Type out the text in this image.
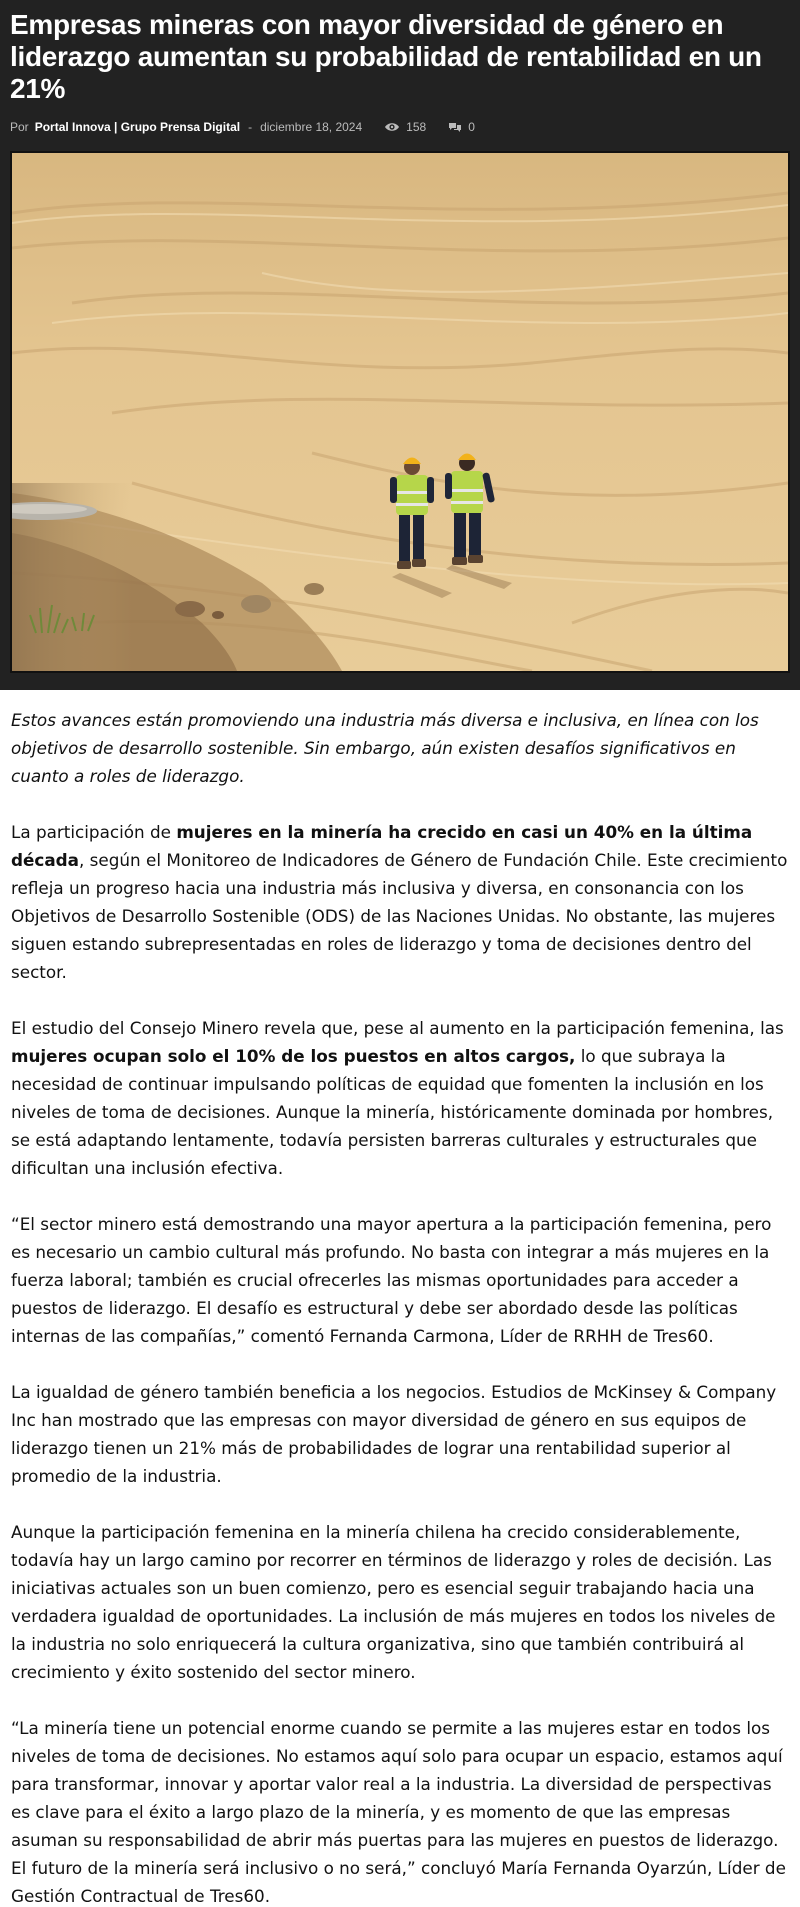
Empresas mineras con mayor diversidad de género en liderazgo aumentan su probabilidad de rentabilidad en un 21%
Por Portal Innova | Grupo Prensa Digital - diciembre 18, 2024	158	0

Estos avances están promoviendo una industria más diversa e inclusiva, en línea con los objetivos de desarrollo sostenible. Sin embargo, aún existen desafíos significativos en cuanto a roles de liderazgo.

La participación de mujeres en la minería ha crecido en casi un 40% en la última década, según el Monitoreo de Indicadores de Género de Fundación Chile. Este crecimiento refleja un progreso hacia una industria más inclusiva y diversa, en consonancia con los Objetivos de Desarrollo Sostenible (ODS) de las Naciones Unidas. No obstante, las mujeres siguen estando subrepresentadas en roles de liderazgo y toma de decisiones dentro del sector.

El estudio del Consejo Minero revela que, pese al aumento en la participación femenina, las mujeres ocupan solo el 10% de los puestos en altos cargos, lo que subraya la necesidad de continuar impulsando políticas de equidad que fomenten la inclusión en los niveles de toma de decisiones. Aunque la minería, históricamente dominada por hombres, se está adaptando lentamente, todavía persisten barreras culturales y estructurales que dificultan una inclusión efectiva.

“El sector minero está demostrando una mayor apertura a la participación femenina, pero es necesario un cambio cultural más profundo. No basta con integrar a más mujeres en la fuerza laboral; también es crucial ofrecerles las mismas oportunidades para acceder a puestos de liderazgo. El desafío es estructural y debe ser abordado desde las políticas internas de las compañías,” comentó Fernanda Carmona, Líder de RRHH de Tres60.

La igualdad de género también beneficia a los negocios. Estudios de McKinsey & Company Inc han mostrado que las empresas con mayor diversidad de género en sus equipos de liderazgo tienen un 21% más de probabilidades de lograr una rentabilidad superior al promedio de la industria.

Aunque la participación femenina en la minería chilena ha crecido considerablemente, todavía hay un largo camino por recorrer en términos de liderazgo y roles de decisión. Las iniciativas actuales son un buen comienzo, pero es esencial seguir trabajando hacia una verdadera igualdad de oportunidades. La inclusión de más mujeres en todos los niveles de la industria no solo enriquecerá la cultura organizativa, sino que también contribuirá al crecimiento y éxito sostenido del sector minero.

“La minería tiene un potencial enorme cuando se permite a las mujeres estar en todos los niveles de toma de decisiones. No estamos aquí solo para ocupar un espacio, estamos aquí para transformar, innovar y aportar valor real a la industria. La diversidad de perspectivas es clave para el éxito a largo plazo de la minería, y es momento de que las empresas asuman su responsabilidad de abrir más puertas para las mujeres en puestos de liderazgo. El futuro de la minería será inclusivo o no será,” concluyó María Fernanda Oyarzún, Líder de Gestión Contractual de Tres60.
